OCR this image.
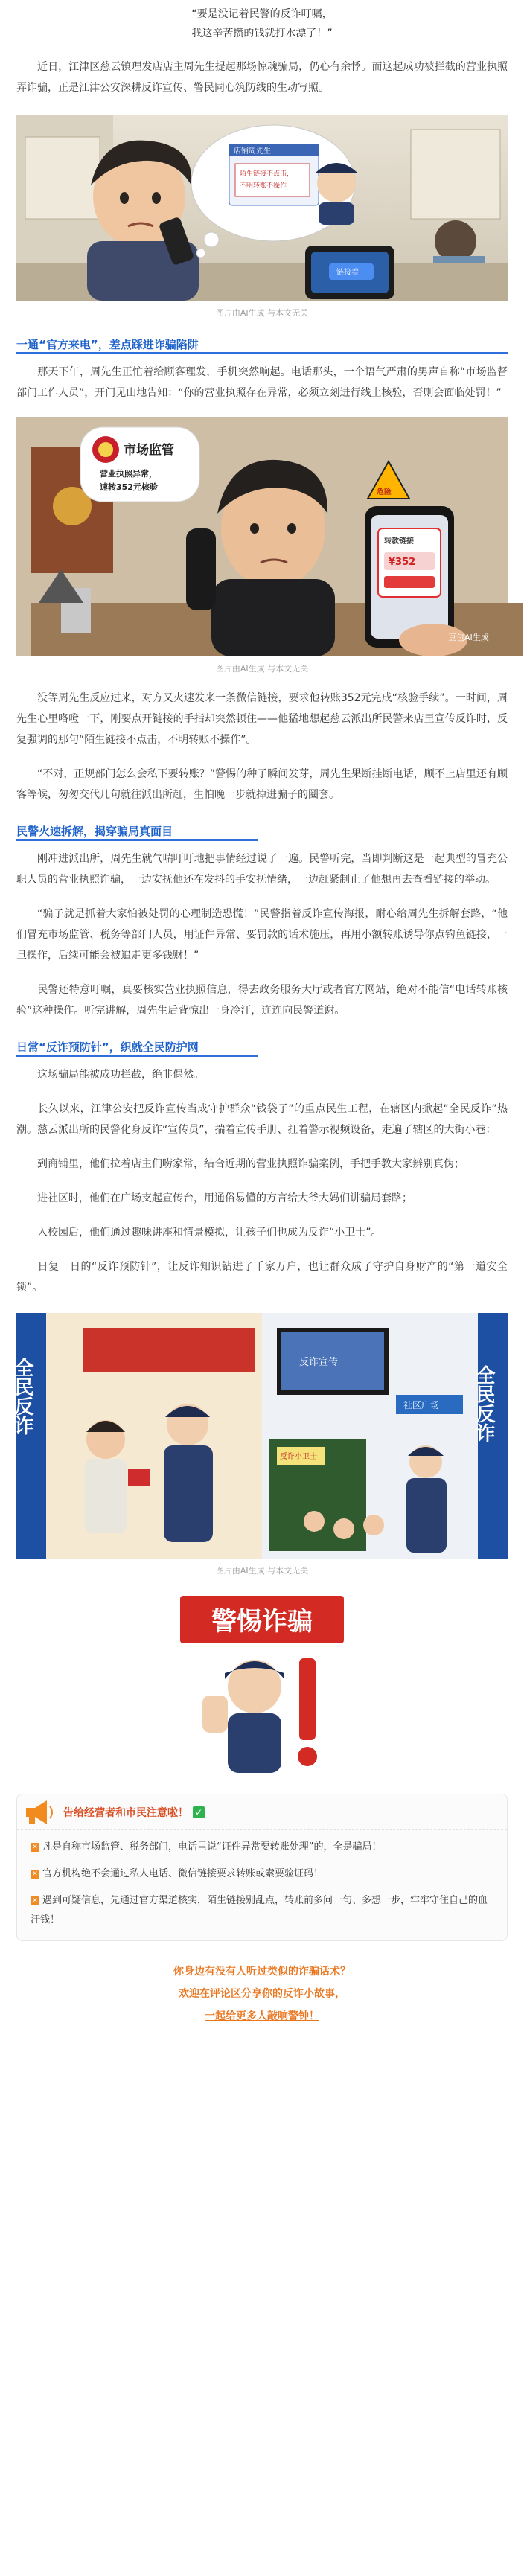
“要是没记着民警的反诈叮嘱，
我这辛苦攒的钱就打水漂了！”

近日，江津区慈云镇理发店店主周先生提起那场惊魂骗局，仍心有余悸。而这起成功被拦截的营业执照弄诈骗，正是江津公安深耕反诈宣传、警民同心筑防线的生动写照。

店铺周先生
陌生链接不点击，
不明转账不操作
链接看
图片由AI生成 与本文无关
一通“官方来电”，差点踩进诈骗陷阱

那天下午，周先生正忙着给顾客理发，手机突然响起。电话那头，一个语气严肃的男声自称“市场监督部门工作人员”，开门见山地告知：“你的营业执照存在异常，必须立刻进行线上核验，否则会面临处罚！”

市场监管
营业执照异常，
速转352元核验
危险
转款链接
¥352
豆包AI生成
图片由AI生成 与本文无关

没等周先生反应过来，对方又火速发来一条微信链接，要求他转账352元完成“核验手续”。一时间，周先生心里咯噔一下，刚要点开链接的手指却突然顿住——他猛地想起慈云派出所民警来店里宣传反诈时，反复强调的那句“陌生链接不点击，不明转账不操作”。

“不对，正规部门怎么会私下要转账？”警惕的种子瞬间发芽，周先生果断挂断电话，顾不上店里还有顾客等候，匆匆交代几句就往派出所赶，生怕晚一步就掉进骗子的圈套。

民警火速拆解，揭穿骗局真面目

刚冲进派出所，周先生就气喘吁吁地把事情经过说了一遍。民警听完，当即判断这是一起典型的冒充公职人员的营业执照诈骗，一边安抚他还在发抖的手安抚情绪，一边赶紧制止了他想再去查看链接的举动。

“骗子就是抓着大家怕被处罚的心理制造恐慌！”民警指着反诈宣传海报，耐心给周先生拆解套路，“他们冒充市场监管、税务等部门人员，用证件异常、要罚款的话术施压，再用小额转账诱导你点钓鱼链接，一旦操作，后续可能会被追走更多钱财！”

民警还特意叮嘱，真要核实营业执照信息，得去政务服务大厅或者官方网站，绝对不能信“电话转账核验”这种操作。听完讲解，周先生后背惊出一身冷汗，连连向民警道谢。

日常“反诈预防针”，织就全民防护网

这场骗局能被成功拦截，绝非偶然。

长久以来，江津公安把反诈宣传当成守护群众“钱袋子”的重点民生工程，在辖区内掀起“全民反诈”热潮。慈云派出所的民警化身反诈“宣传员”，揣着宣传手册、扛着警示视频设备，走遍了辖区的大街小巷：

到商铺里，他们拉着店主们唠家常，结合近期的营业执照诈骗案例，手把手教大家辨别真伪；

进社区时，他们在广场支起宣传台，用通俗易懂的方言给大爷大妈们讲骗局套路；

入校园后，他们通过趣味讲座和情景模拟，让孩子们也成为反诈“小卫士”。

日复一日的“反诈预防针”，让反诈知识钻进了千家万户，也让群众成了守护自身财产的“第一道安全锁”。

全民反诈	反诈宣传
全民反诈
社区广场
反诈小卫士
图片由AI生成 与本文无关
警惕诈骗
告给经营者和市民注意啦！ ✓
✕ 凡是自称市场监管、税务部门，电话里说“证件异常要转账处理”的，全是骗局！
✕ 官方机构绝不会通过私人电话、微信链接要求转账或索要验证码！
✕ 遇到可疑信息，先通过官方渠道核实，陌生链接别乱点，转账前多问一句、多想一步，牢牢守住自己的血汗钱！
你身边有没有人听过类似的诈骗话术？
欢迎在评论区分享你的反诈小故事，
一起给更多人敲响警钟！
